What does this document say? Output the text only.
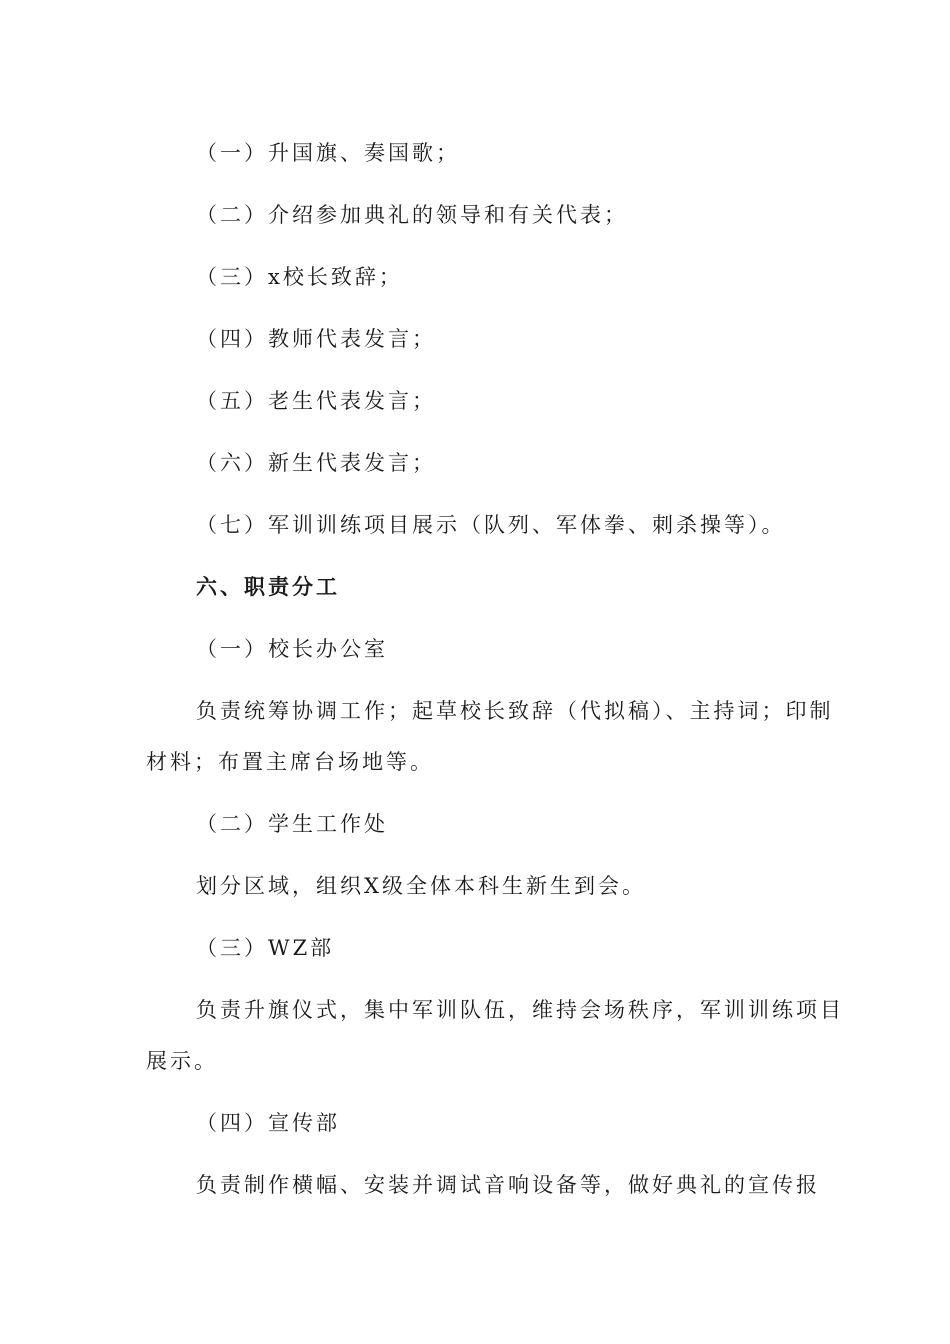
（一）升国旗、奏国歌；
（二）介绍参加典礼的领导和有关代表；
（三）x校长致辞；
（四）教师代表发言；
（五）老生代表发言；
（六）新生代表发言；
（七）军训训练项目展示（队列、军体拳、刺杀操等）。
六、职责分工
（一）校长办公室
负责统筹协调工作；起草校长致辞（代拟稿）、主持词；印制
材料；布置主席台场地等。
（二）学生工作处
划分区域，组织X级全体本科生新生到会。
（三）WZ部
负责升旗仪式，集中军训队伍，维持会场秩序，军训训练项目
展示。
（四）宣传部
负责制作横幅、安装并调试音响设备等，做好典礼的宣传报
